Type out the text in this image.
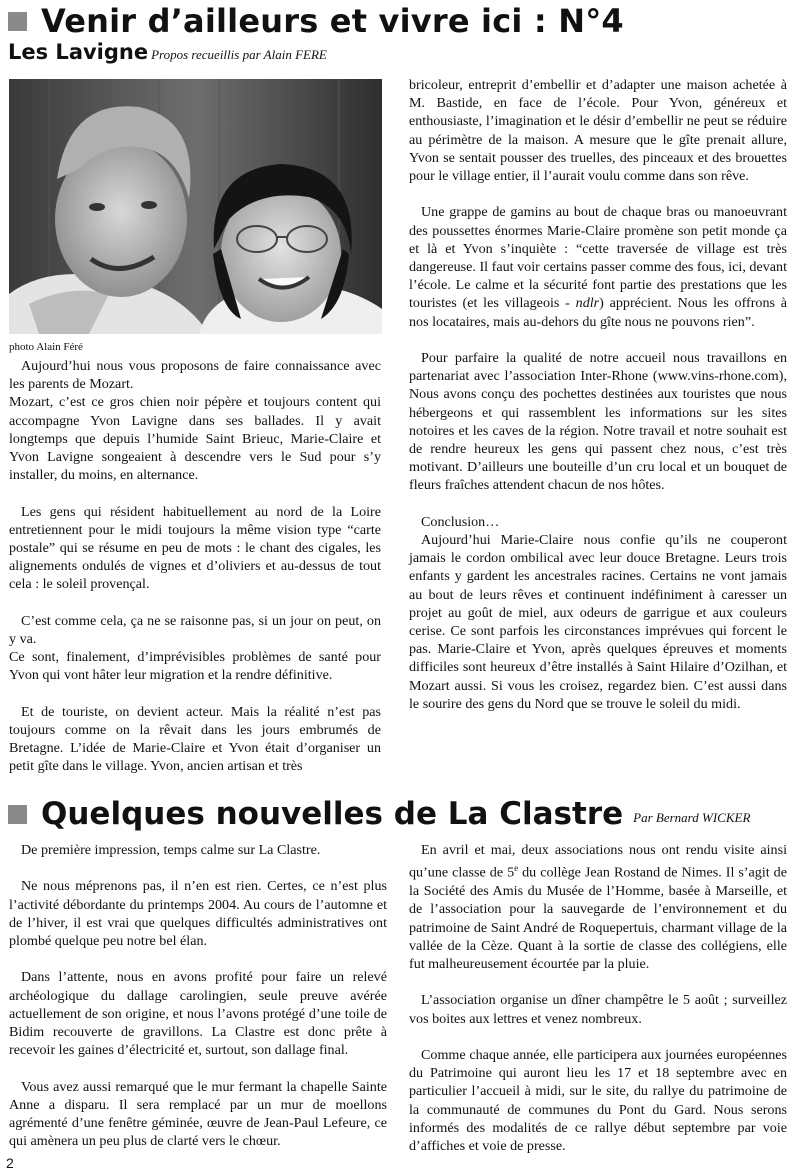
Venir d’ailleurs et vivre ici : N°4
Les Lavigne Propos recueillis par Alain FERE
photo Alain Féré

Aujourd’hui nous vous proposons de faire connaissance avec les parents de Mozart.

Mozart, c’est ce gros chien noir pépère et toujours content qui accompagne Yvon Lavigne dans ses ballades. Il y avait longtemps que depuis l’humide Saint Brieuc, Marie-Claire et Yvon Lavigne songeaient à descendre vers le Sud pour s’y installer, du moins, en alternance.

Les gens qui résident habituellement au nord de la Loire entretiennent pour le midi toujours la même vision type “carte postale” qui se résume en peu de mots : le chant des cigales, les alignements ondulés de vignes et d’oliviers et au-dessus de tout cela : le soleil provençal.

C’est comme cela, ça ne se raisonne pas, si un jour on peut, on y va.

Ce sont, finalement, d’imprévisibles problèmes de santé pour Yvon qui vont hâter leur migration et la rendre définitive.

Et de touriste, on devient acteur. Mais la réalité n’est pas toujours comme on la rêvait dans les jours embrumés de Bretagne. L’idée de Marie-Claire et Yvon était d’organiser un petit gîte dans le village. Yvon, ancien artisan et très

bricoleur, entreprit d’embellir et d’adapter une maison achetée à M. Bastide, en face de l’école. Pour Yvon, généreux et enthousiaste, l’imagination et le désir d’embellir ne peut se réduire au périmètre de la maison. A mesure que le gîte prenait allure, Yvon se sentait pousser des truelles, des pinceaux et des brouettes pour le village entier, il l’aurait voulu comme dans son rêve.

Une grappe de gamins au bout de chaque bras ou manoeuvrant des poussettes énormes Marie-Claire promène son petit monde ça et là et Yvon s’inquiète : “cette traversée de village est très dangereuse. Il faut voir certains passer comme des fous, ici, devant l’école. Le calme et la sécurité font partie des prestations que les touristes (et les villageois - ndlr) apprécient. Nous les offrons à nos locataires, mais au-dehors du gîte nous ne pouvons rien”.

Pour parfaire la qualité de notre accueil nous travaillons en partenariat avec l’association Inter-Rhone (www.vins-rhone.com), Nous avons conçu des pochettes destinées aux touristes que nous hébergeons et qui rassemblent les informations sur les sites notoires et les caves de la région. Notre travail et notre souhait est de rendre heureux les gens qui passent chez nous, c’est très motivant. D’ailleurs une bouteille d’un cru local et un bouquet de fleurs fraîches attendent chacun de nos hôtes.

Conclusion…

Aujourd’hui Marie-Claire nous confie qu’ils ne couperont jamais le cordon ombilical avec leur douce Bretagne. Leurs trois enfants y gardent les ancestrales racines. Certains ne vont jamais au bout de leurs rêves et continuent indéfiniment à caresser un projet au goût de miel, aux odeurs de garrigue et aux couleurs cerise. Ce sont parfois les circonstances imprévues qui forcent le pas. Marie-Claire et Yvon, après quelques épreuves et moments difficiles sont heureux d’être installés à Saint Hilaire d’Ozilhan, et Mozart aussi. Si vous les croisez, regardez bien. C’est aussi dans le sourire des gens du Nord que se trouve le soleil du midi.

Quelques nouvelles de La Clastre Par Bernard WICKER

De première impression, temps calme sur La Clastre.

Ne nous méprenons pas, il n’en est rien. Certes, ce n’est plus l’activité débordante du printemps 2004. Au cours de l’automne et de l’hiver, il est vrai que quelques difficultés administratives ont plombé quelque peu notre bel élan.

Dans l’attente, nous en avons profité pour faire un relevé archéologique du dallage carolingien, seule preuve avérée actuellement de son origine, et nous l’avons protégé d’une toile de Bidim recouverte de gravillons. La Clastre est donc prête à recevoir les gaines d’électricité et, surtout, son dallage final.

Vous avez aussi remarqué que le mur fermant la chapelle Sainte Anne a disparu. Il sera remplacé par un mur de moellons agrémenté d’une fenêtre géminée, œuvre de Jean-Paul Lefeure, ce qui amènera un peu plus de clarté vers le chœur.

En avril et mai, deux associations nous ont rendu visite ainsi qu’une classe de 5e du collège Jean Rostand de Nimes. Il s’agit de la Société des Amis du Musée de l’Homme, basée à Marseille, et de l’association pour la sauvegarde de l’environnement et du patrimoine de Saint André de Roquepertuis, charmant village de la vallée de la Cèze. Quant à la sortie de classe des collégiens, elle fut malheureusement écourtée par la pluie.

L’association organise un dîner champêtre le 5 août ; surveillez vos boites aux lettres et venez nombreux.

Comme chaque année, elle participera aux journées européennes du Patrimoine qui auront lieu les 17 et 18 septembre avec en particulier l’accueil à midi, sur le site, du rallye du patrimoine de la communauté de communes du Pont du Gard. Nous serons informés des modalités de ce rallye début septembre par voie d’affiches et voie de presse.

2
